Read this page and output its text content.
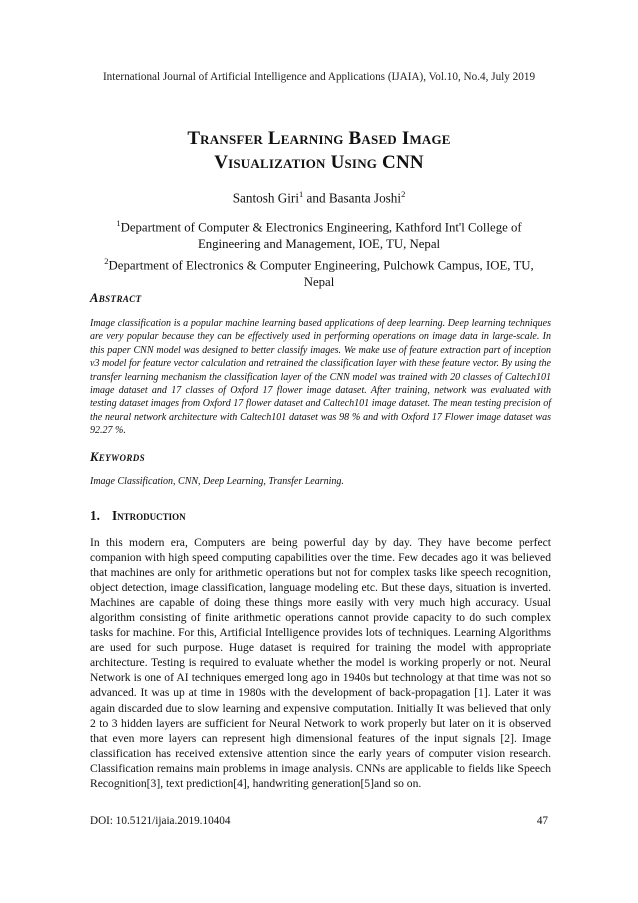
International Journal of Artificial Intelligence and Applications (IJAIA), Vol.10, No.4, July 2019
Transfer Learning Based Image
Visualization Using CNN
Santosh Giri$^1$ and Basanta Joshi$^2$
$^1$Department of Computer & Electronics Engineering, Kathford Int'l College of Engineering and Management, IOE, TU, Nepal
$^2$Department of Electronics & Computer Engineering, Pulchowk Campus, IOE, TU, Nepal
Abstract
Image classification is a popular machine learning based applications of deep learning. Deep learning techniques are very popular because they can be effectively used in performing operations on image data in large-scale. In this paper CNN model was designed to better classify images. We make use of feature extraction part of inception v3 model for feature vector calculation and retrained the classification layer with these feature vector. By using the transfer learning mechanism the classification layer of the CNN model was trained with 20 classes of Caltech101 image dataset and 17 classes of Oxford 17 flower image dataset. After training, network was evaluated with testing dataset images from Oxford 17 flower dataset and Caltech101 image dataset. The mean testing precision of the neural network architecture with Caltech101 dataset was 98 % and with Oxford 17 Flower image dataset was 92.27 %.
Keywords
Image Classification, CNN, Deep Learning, Transfer Learning.
1. Introduction
In this modern era, Computers are being powerful day by day. They have become perfect companion with high speed computing capabilities over the time. Few decades ago it was believed that machines are only for arithmetic operations but not for complex tasks like speech recognition, object detection, image classification, language modeling etc. But these days, situation is inverted. Machines are capable of doing these things more easily with very much high accuracy. Usual algorithm consisting of finite arithmetic operations cannot provide capacity to do such complex tasks for machine. For this, Artificial Intelligence provides lots of techniques. Learning Algorithms are used for such purpose. Huge dataset is required for training the model with appropriate architecture. Testing is required to evaluate whether the model is working properly or not. Neural Network is one of AI techniques emerged long ago in 1940s but technology at that time was not so advanced. It was up at time in 1980s with the development of back-propagation [1]. Later it was again discarded due to slow learning and expensive computation. Initially It was believed that only 2 to 3 hidden layers are sufficient for Neural Network to work properly but later on it is observed that even more layers can represent high dimensional features of the input signals [2]. Image classification has received extensive attention since the early years of computer vision research. Classification remains main problems in image analysis. CNNs are applicable to fields like Speech Recognition[3], text prediction[4], handwriting generation[5]and so on.
DOI: 10.5121/ijaia.2019.10404	47
